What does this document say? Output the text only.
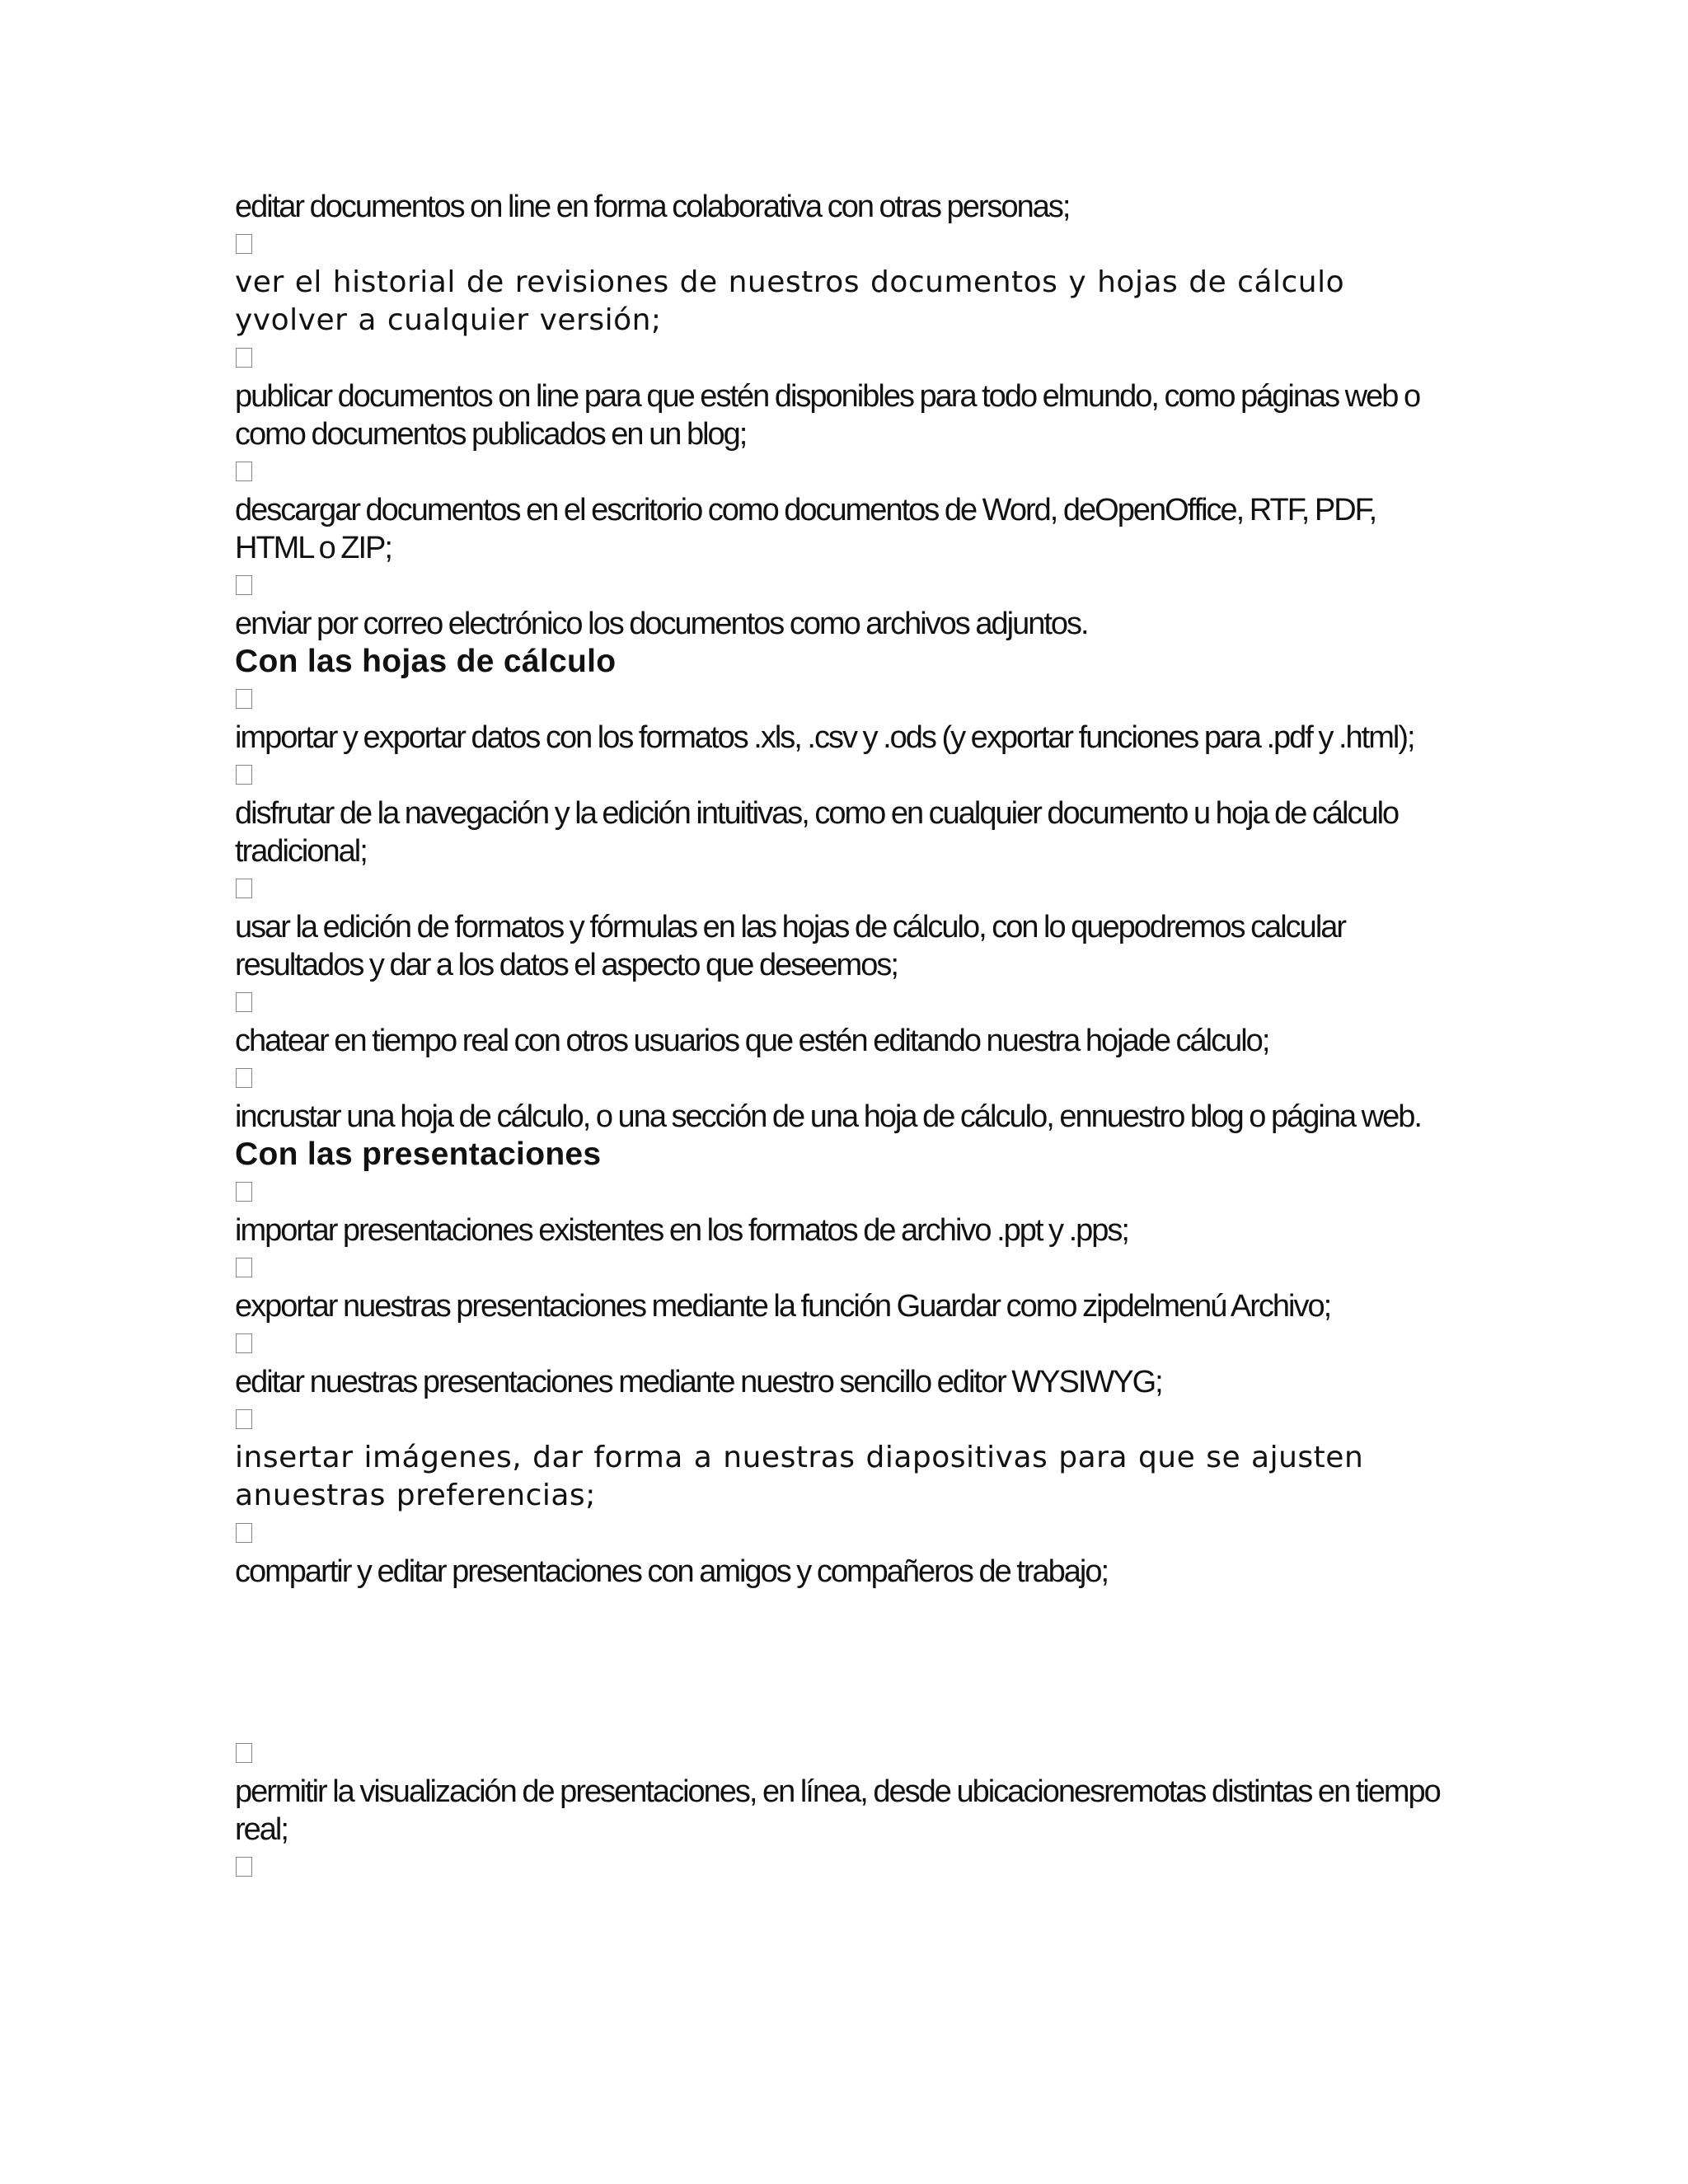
editar documentos on line en forma colaborativa con otras personas;
ver el historial de revisiones de nuestros documentos y hojas de cálculo yvolver a cualquier versión;
publicar documentos on line para que estén disponibles para todo elmundo, como páginas web o como documentos publicados en un blog;
descargar documentos en el escritorio como documentos de Word, deOpenOffice, RTF, PDF, HTML o ZIP;
enviar por correo electrónico los documentos como archivos adjuntos.
Con las hojas de cálculo
importar y exportar datos con los formatos .xls, .csv y .ods (y exportar funciones para .pdf y .html);
disfrutar de la navegación y la edición intuitivas, como en cualquier documento u hoja de cálculo tradicional;
usar la edición de formatos y fórmulas en las hojas de cálculo, con lo quepodremos calcular resultados y dar a los datos el aspecto que deseemos;
chatear en tiempo real con otros usuarios que estén editando nuestra hojade cálculo;
incrustar una hoja de cálculo, o una sección de una hoja de cálculo, ennuestro blog o página web.
Con las presentaciones
importar presentaciones existentes en los formatos de archivo .ppt y .pps;
exportar nuestras presentaciones mediante la función Guardar como zipdelmenú Archivo;
editar nuestras presentaciones mediante nuestro sencillo editor WYSIWYG;
insertar imágenes, dar forma a nuestras diapositivas para que se ajusten anuestras preferencias;
compartir y editar presentaciones con amigos y compañeros de trabajo;
permitir la visualización de presentaciones, en línea, desde ubicacionesremotas distintas en tiempo real;
